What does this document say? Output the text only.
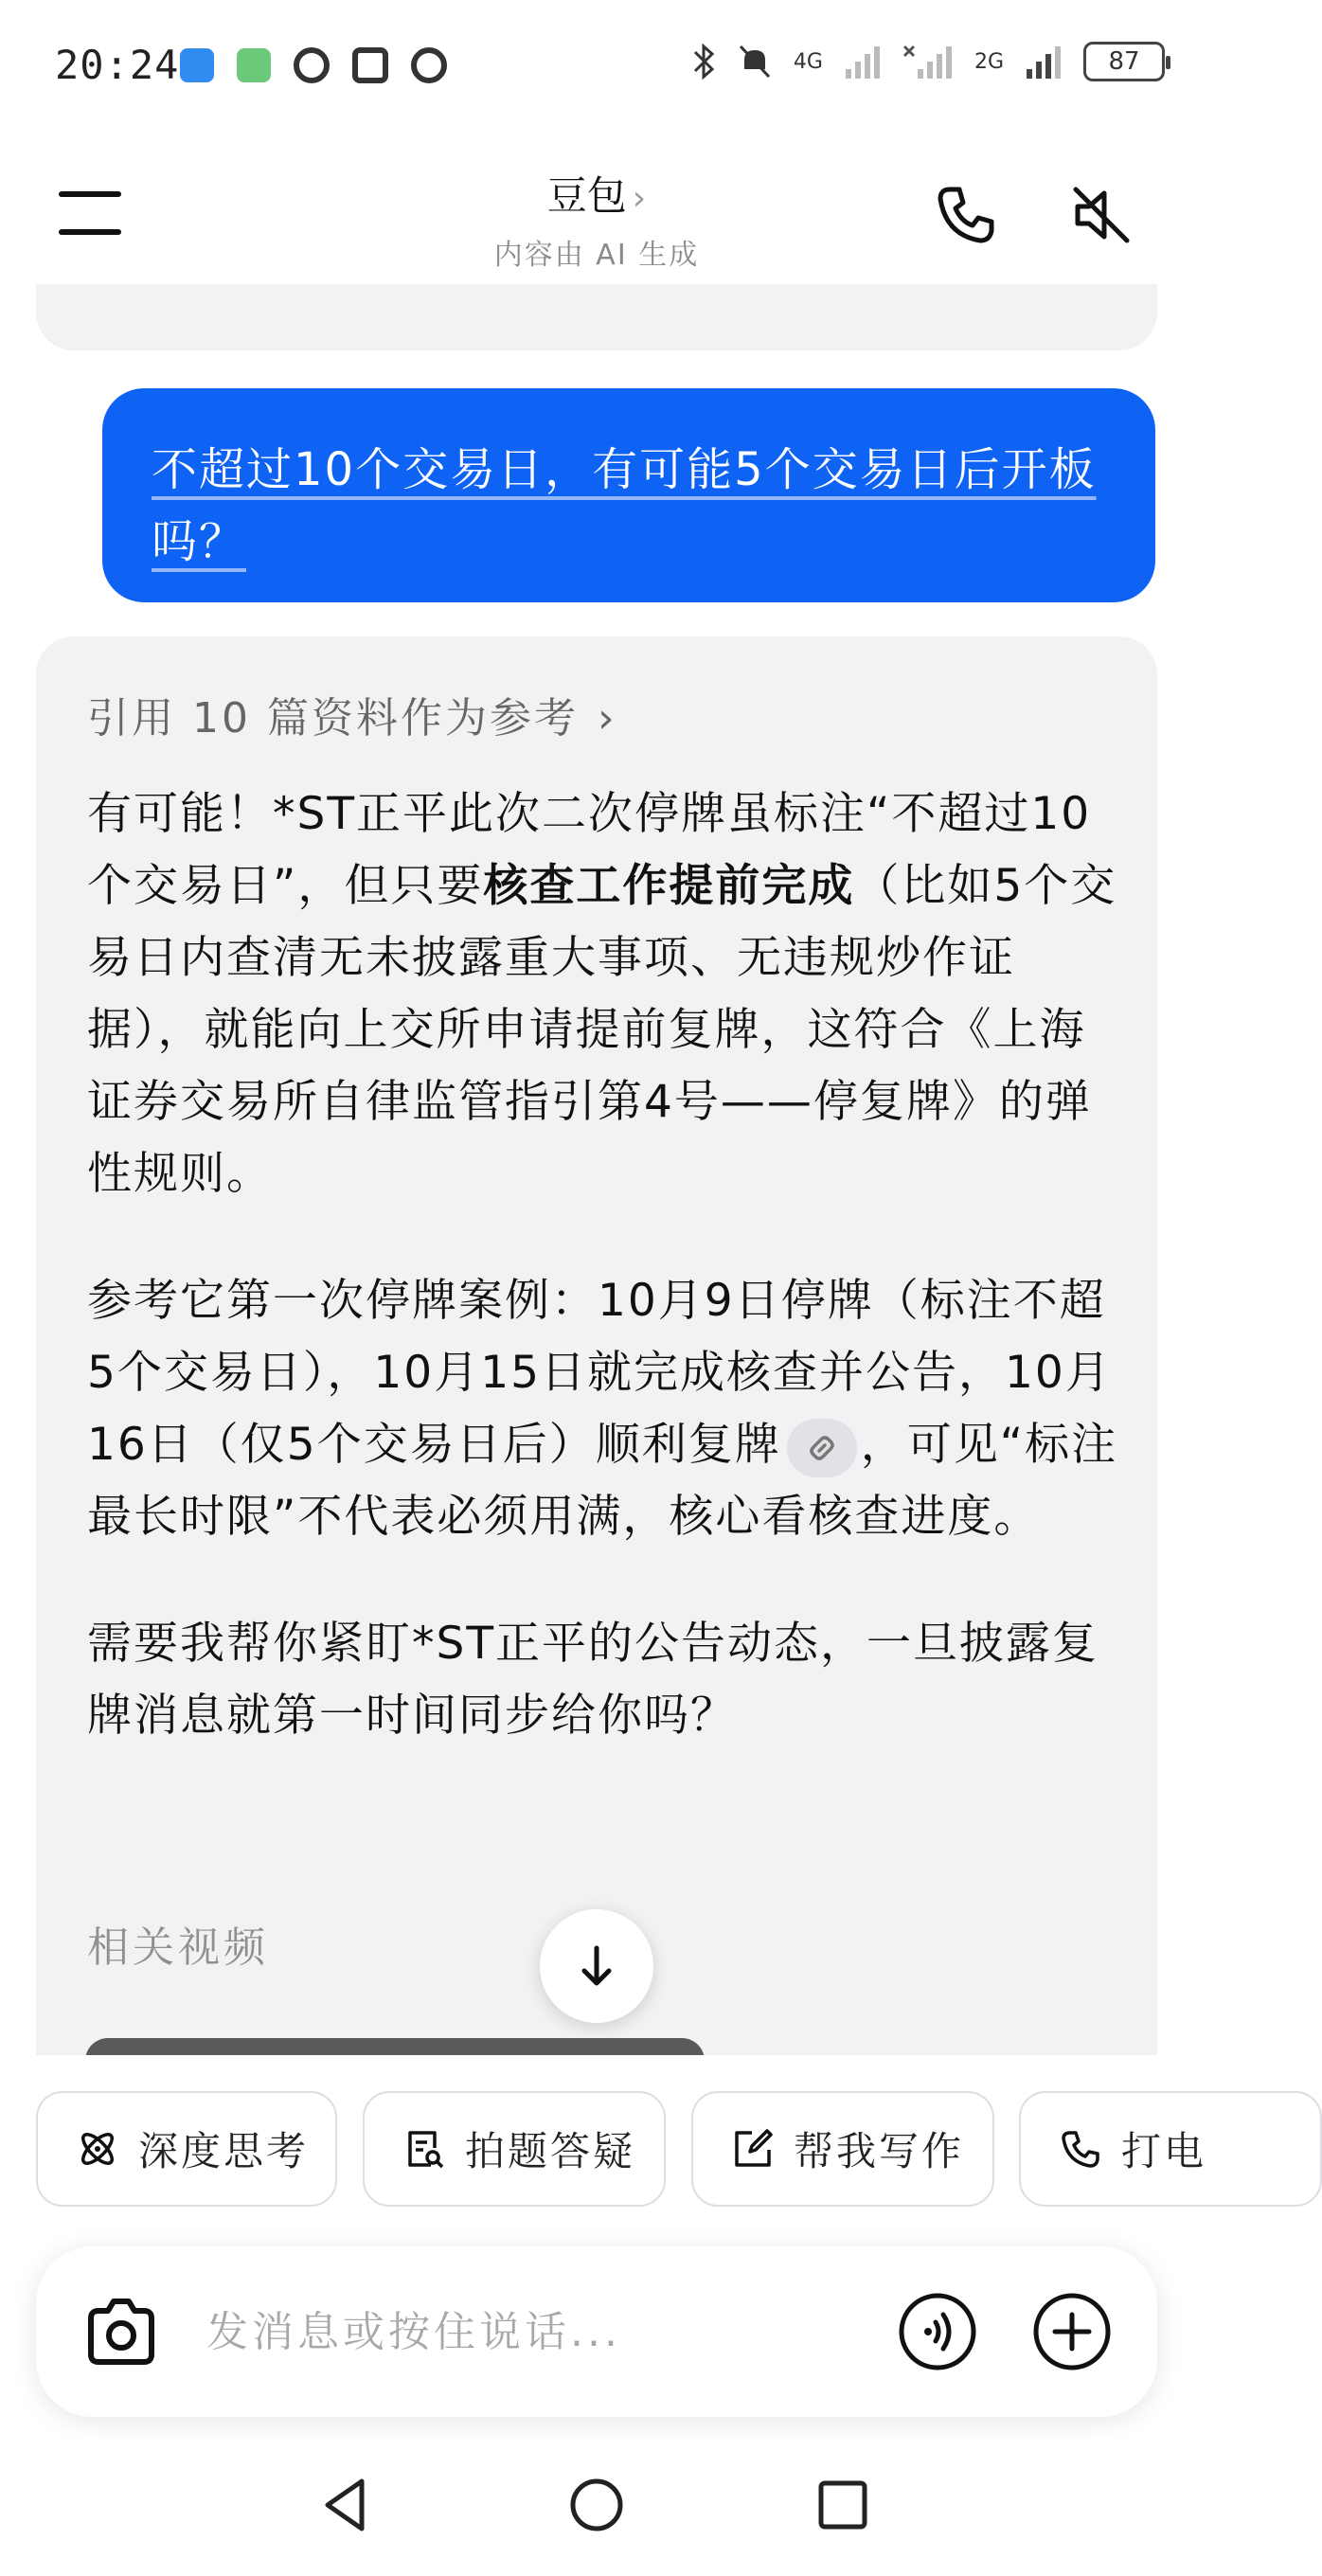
20:24	4G	2G	87
豆包 ›
内容由 AI 生成
不超过10个交易日，有可能5个交易日后开板吗？
引用 10 篇资料作为参考 ›

有可能！*ST正平此次二次停牌虽标注“不超过10个交易日”，但只要核查工作提前完成（比如5个交易日内查清无未披露重大事项、无违规炒作证据），就能向上交所申请提前复牌，这符合《上海证券交易所自律监管指引第4号——停复牌》的弹性规则。

参考它第一次停牌案例：10月9日停牌（标注不超5个交易日），10月15日就完成核查并公告，10月16日（仅5个交易日后）顺利复牌 ，可见“标注最长时限”不代表必须用满，核心看核查进度。

需要我帮你紧盯*ST正平的公告动态，一旦披露复牌消息就第一时间同步给你吗？

相关视频
深度思考	拍题答疑	帮我写作	打电
发消息或按住说话...
